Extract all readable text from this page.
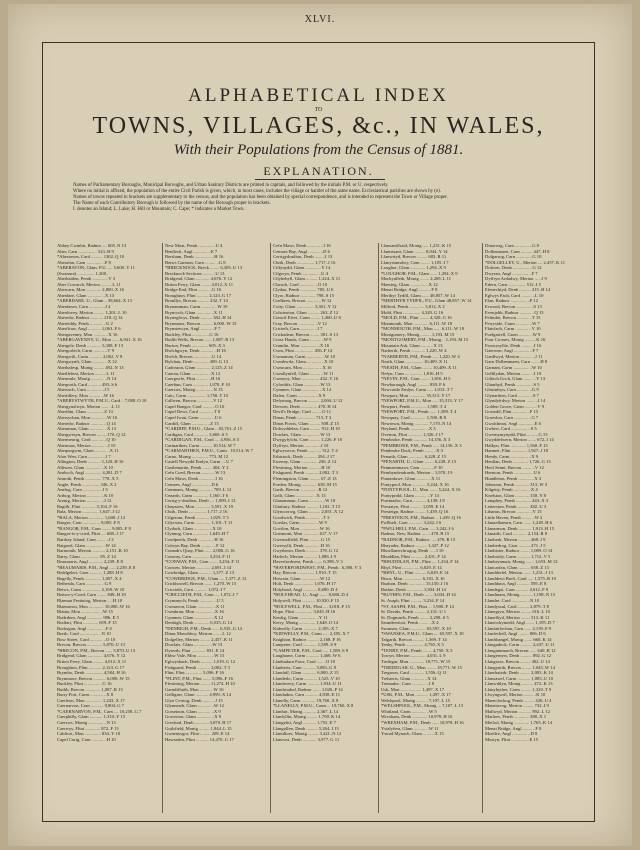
XLVI.
ALPHABETICAL INDEX
TO
TOWNS, VILLAGES, &c., IN WALES,
With their Populations from the Census of 1881.
EXPLANATION.

Names of Parliamentary Boroughs, Municipal Boroughs, and Urban Sanitary Districts are printed in capitals, and followed by the initials P.M. or U. respectively.

Where no initial is affixed, the population of the entire Civil Parish is given, which, in most cases, includes the village or hamlet of the same name. Ecclesiastical parishes are shown by (e).

Names of towns repeated in brackets are supplementary to the census, and the population has been obtained by special correspondence, and is intended to represent the Town or Village proper.

The Name of each Contributory Borough is followed by the name of the Borough proper in brackets.

I. denotes an Island; L. Lake; H. Hill or Mountain; C. Cape; * indicates a Market Town.

Abbey Cwmhir, Radnor .... 605..N 13
Aber, Carn ................ 523..H 9
*Aberaeron, Card .......... 1302..Q 10
Aberafan, Carn ............. ..F 8
*ABERAVON, Glam. P.U. .... 5,600..Y 11
(Swansea) ............... 1,300..
Aberbaiden, Pemb ........... ..V 3
Aber Cowarch, Merion ....... ..L 11
Abercarn, Mon ............. 2,800..X 16
Aberdare, Glam ............ ..X 13
*ABERDARE, U., Glam .. 38,664..X 13
Aberdaron, Carn ........... ..J 4
Aberdovey, Merion ......... 1,201..L 10
Aberedw, Radnor ........... 218..Q 14
Abereiddy, Pemb ........... ..U 2
Aberffraw, Angl ........... 1,063..F 6
Abergavenny, Mon .......... ..X 16
*ABERGAVENNY, U., Mon ...... 6,941..X 16
Abergele, Denb ............ 3,308..F 13
Abergorlech, Carm ......... ..V 9
Abergwili, Carm ........... 2,062..V 8
Abergwynfi, Glam .......... ..X 12
Aberhafesp, Montg ......... 492..N 13
Aberllefeni, Merion ....... ..L 11
Abermule, Montg ........... ..N 14
Aberporth, Card ........... 493..S 6
Abersoch, Carn ............ ..J 5
Abertillery, Mon .......... ..W 16
*ABERYSTWYTH, P.M.U., Card .. 7,088..O 10
Abergynolwyn, Merion ...... ..L 11
Aberthin, Glam ............ ..Z 13
Abersychan, Mon ........... ..W 16
Aberedw, Radnor ........... ..Q 14
Aberaman, Glam ............ ..X 13
Abergwesyn, Brecon ........ 170..Q 12
Abermeurig, Card .......... ..Q 10
Abermaw, Merion ........... ..J 10
Aberpergwm, Glam .......... ..X 11
Afon Wen, Carn ............ ..J 7
Allington, Denb ........... 1,120..H 16
Alltwen, Glam ............. ..X 10
Amlwch, Angl .............. 4,281..D 7
Amroth, Pemb .............. 778..X 5
Angle, Pemb ............... 346..X 2
Anelog, Carn .............. ..J 3
Arthog, Merion ............ ..K 10
Arenig, Merion ............ ..J 12
Bagillt, Flint ............ 3,104..F 16
Bala, Merion .............. 1,647..J 12
*BALA, Merion ............. 1,600..J 12
Bangor, Carn ............... 9,005..F 8
*BANGOR, P.M., Carn ........ 9,005..F 8
Bangor-is-y-coed, Flint .... 688..J 17
Bardsey Island, Carn ....... ..J 3
Bargoed, Glam .............. ..W 14
Barmouth, Merion ........... 2,151..K 10
Barry, Glam ................ 85..Z 14
Beaumaris, Angl ............ 2,239..E 8
*BEAUMARIS, P.M., Angl ..... 2,239..E 8
Beddgelert, Carn ........... 1,288..H 8
Begelly, Pemb .............. 1,007..X 4
Bethesda, Carn ............. ..G 9
Betws, Carm ................ 2,169..W 10
Bettws-y-Coed, Carn ........ 848..H 10
Blaenau Festiniog, Merion .. ..H 10
Blaenavon, Mon ............. 10,000..W 16
Blaina, Mon ................ ..W 15
Bodedern, Angl ............. 986..E 5
Bodfari, Flint ............. 659..F 15
Bodorgan, Angl ............. ..F 6
Borth, Card ................ ..N 10
Bow Street, Card ........... ..O 10
Brecon, Brecon ............. 5,870..U 13
*BRECON, P.M., Brecon ...... 5,870..U 13
Bridgend, Glam ............. 4,676..Y 12
Briton Ferry, Glam ......... 4,012..X 11
Broughton, Flint ........... 2,123..G 17
Brymbo, Denb ............... 4,584..H 16
Brynmawr, Brecon ........... 6,000..W 15
Buckley, Flint ............. ..G 16
Builth, Brecon ............. 1,087..R 13
Burry Port, Carm ........... ..X 8
Caerleon, Mon .............. 1,243..X 17
Caernarvon, Carn ........... 9,804..G 7
*CAERNARVON, P.M., Carn .... 10,258..G 7
Caerphilly, Glam ........... 1,310..Y 15
Caersws, Montg ............. ..N 13
Caerwys, Flint ............. 872..F 15
Caldicot, Mon .............. 834..Y 18
Capel Curig, Carn .......... ..H 10
New Moat, Pemb ............ ..U 4
Benllech, Angl ............ ..E 7
Bersham, Denb .............. ..H 16
Betws Garmon, Carn ......... ..G 8
*BRECKNOCK, Breck ........ 6,305..U 13
Brecknock Sections ........ ..U 13
Bridgend, Glam ............ 4,676..Y 12
Briton Ferry, Glam ........ 4,012..X 11
Bridge End, Flint ......... ..G 16
Broughton, Flint .......... 2,123..G 17
Bronllys, Brecon .......... 232..T 14
Brynamman, Carm ........... ..W 10
Bryncoch, Glam ............ ..X 11
Bryneglwys, Denb .......... 382..H 14
Brynmawr, Brecon .......... 6,000..W 15
Brynsiencyn, Angl ......... ..F 7
Buckley, Flint ............ ..G 16
Builth Wells, Brecon ...... 1,087..R 13
Burton, Pemb .............. 605..X 3
Bwlchgwyn, Denb ........... ..H 16
Bwlch, Brecon ............. ..U 14
Bylchau, Denb ............. 409..G 13
Cadoxton, Glam ............ 2,125..Z 14
Caerau, Glam .............. ..X 12
Caergwrle, Flint .......... ..H 16
Caerhun, Carn ............. 1,070..F 10
Caersws, Montg ............ ..N 13
Caio, Carm ................ 1,750..T 10
Callwen, Brecon ........... ..V 12
Capel Bangor, Card ........ ..O 10
Capel Dewi, Card .......... ..T 8
Capel Iwan, Carm .......... ..U 6
Cardiff, Glam ............. ..Z 15
*CARDIFF, P.M.U., Glam .. 82,761..Z 15
Cardigan, Card ............ 3,669..S 5
*CARDIGAN, P.M., Card .... 4,956..S 5
Carmarthen, Carm .......... 10,514..W 7
*CARMARTHEN, P.M.U., Carm . 10,514..W 7
Carno, Montg .............. 773..M 12
Castell Newydd Emlyn, Carm . ..U 7
Castlemartin, Pemb ........ 404..Y 2
Cefn Coed, Brecon ......... ..W 13
Cefn Mawr, Denb ........... ..I 16
Cemaes, Angl .............. ..D 6
Cemmaes, Montg ............ 709..L 12
Cenarth, Carm ............. 1,160..T 6
Cerrig-y-drudion, Denb .... 1,009..I 13
Chepstow, Mon ............. 3,591..X 19
Chirk, Denb ............... 1,717..J 16
Cilgerran, Pemb ........... 1,029..T 5
Cilycwm, Carm ............. 1,101..T 11
Clydach, Glam ............. ..X 10
Clynnog, Carn ............. 1,649..H 7
Coedpoeth, Denb ........... ..H 16
Colwyn Bay, Denb .......... ..F 12
Connah's Quay, Flint ...... 2,000..G 16
Conway, Carn .............. 3,254..F 11
*CONWAY, P.M., Carn ....... 3,254..F 11
Corwen, Merion ............ 2,691..I 14
Cowbridge, Glam ........... 1,377..Z 13
*COWBRIDGE, P.M., Glam .... 1,377..Z 13
Crickhowell, Brecon ....... 1,270..W 15
Criccieth, Carn ........... 1,072..I 7
*CRICCIETH, P.M., Carn .... 1,072..I 7
Crymmych, Pemb ............ ..U 5
Cwmavon, Glam ............. ..X 11
Cwmbran, Mon .............. ..X 16
Cymmer, Glam .............. ..X 12
Denbigh, Denb ............. 6,535..G 14
*DENBIGH, P.M., Denb ...... 6,535..G 14
Dinas Mawddwy, Merion ..... ..L 12
Dolgelley, Merion ......... 2,457..K 11
Dowlais, Glam ............. ..W 13
Dyserth, Flint ............ 831..E 14
Ebbw Vale, Mon ............ ..W 15
Eglwysbach, Denb .......... 1,019..G 12
Fishguard, Pemb ........... 2,002..T 3
Flint, Flint .............. 5,096..F 16
*FLINT, P.M., Flint ....... 5,096..F 16
Ffestiniog, Merion ........ 11,274..H 10
Garndiffaith, Mon ......... ..W 16
Gelligaer, Glam ........... 4,999..X 14
Glyn Ceiriog, Denb ........ ..J 15
Glynneath, Glam ........... ..W 12
Gorseinon, Glam ........... ..X 9
Gowerton, Glam ............ ..X 9
Gresford, Denb ............ 3,870..H 17
Guilsfield, Montg ......... 1,844..L 15
Gwaenysgor, Flint ......... 209..E 14
Hawarden, Flint ........... 14,470..G 17
Cefn Mawr, Denb ........... ..I 16
Cemaes Bay, Angl .......... ..D 6
Cerrigydrudion, Denb ...... ..I 13
Chirk, Denb ............... 1,717..J 16
Cilfynydd, Glam ........... ..Y 14
Cilgwyn, Pemb ............. ..U 4
Cilybebyll, Glam .......... 1,224..X 11
Clarach, Card ............. ..O 10
Clydau, Pemb .............. 705..U 6
Clyro, Radnor ............. 798..S 15
Coelbren, Brecon .......... ..W 12
Coity, Glam ............... 3,301..Y 12
Colwinston, Glam .......... 263..Z 12
Conwil Elvet, Carm ........ 1,460..U 8
Cray, Brecon .............. ..V 12
Cricieth, Carn ............ ..I 7
Crickadarn, Brecon ........ 301..S 13
Cross Hands, Carm ......... ..W 9
Crumlin, Mon .............. ..X 16
Cwm, Flint ................ 456..F 14
Cwmaman, Carm ............. ..W 10
Cwmbwrla, Glam ............ ..X 10
Cwmcarn, Mon .............. ..X 16
Cwmllynfell, Glam ......... ..W 11
Cwmyoy, Mon ............... 432..V 16
Cyfarthfa, Glam ........... ..W 13
Cymmer, Glam .............. ..X 12
Dafen, Carm ............... ..X 9
Defynnog, Brecon .......... 2,004..U 12
Derwen, Denb .............. 470..H 14
Devil's Bridge, Card ...... ..O 11
Dinas, Pemb ............... 713..T 3
Dinas Powis, Glam ......... 508..Z 15
Dolwyddelan, Carn ......... 912..H 10
Dowlais, Glam ............. ..W 13
Dwygyfylchi, Carn ......... 1,226..F 10
Dyffryn, Merion ........... ..J 10
Eglwyswrw, Pemb ........... 512..T 4
Erbistock, Denb ........... 294..J 17
Ewenny, Glam .............. 236..Z 12
Ffestiniog, Merion ........ ..H 10
Fishguard, Pemb ........... 2,002..T 3
Flemingston, Glam ......... 67..Z 13
Forden, Montg ............. 638..M 15
Garth, Brecon ............. ..R 12
Gelli, Glam ............... ..X 13
Glanamman, Carm ........... ..W 10
Glasbury, Radnor .......... 1,102..T 15
Glyncorrwg, Glam .......... 2,051..X 12
Goodwick, Pemb ............ ..T 3
Gorslas, Carm ............. ..W 9
Govilon, Mon .............. ..W 16
Grosmont, Mon ............. 617..V 17
Gwernaffield, Flint ....... ..G 15
Gwersyllt, Denb ........... ..H 16
Gwytherin, Denb ........... 378..G 12
Harlech, Merion ........... 1,086..I 9
Haverfordwest, Pemb ....... 6,398..V 3
*HAVERFORDWEST, P.M., Pemb . 6,398..V 3
Hay, Brecon ............... 1,910..T 15
Hirwain, Glam ............. ..W 12
Holt, Denb ................ 1,076..H 17
Holyhead, Angl ............ 8,680..D 4
*HOLYHEAD, U., Angl ....... 8,680..D 4
Holywell, Flint ........... 10,920..F 15
*HOLYWELL, P.M., Flint .... 3,018..F 15
Hope, Flint ............... 3,045..H 16
Kenfig, Glam .............. ..Y 11
Kerry, Montg .............. 1,648..O 14
Kidwelly, Carm ............ 2,185..X 7
*KIDWELLY, P.M., Carm ..... 2,185..X 7
Knighton, Radnor .......... 2,168..P 16
Lampeter, Card ............ 1,589..S 9
*LAMPETER, P.M., Card ..... 1,589..S 9
Laugharne, Carm ........... 1,468..W 6
Llanbadarn Fawr, Card ..... ..O 10
Llanberis, Carn ........... 3,083..G 8
Llandaff, Glam ............ 6,000..Z 15
Llandeilo, Carm ........... 1,525..V 10
Llandovery, Carm .......... 1,934..U 11
Llandrindod, Radnor ....... 1,026..P 14
Llandudno, Carn ........... 4,838..E 11
Llanelly, Carm ............ 19,760..X 8
*LLANELLY, P.M.U., Carm ... 19,760..X 8
Llanfair, Montg ........... 2,367..L 14
Llanfyllin, Montg ......... 1,700..K 14
Llangefni, Angl ........... 1,753..E 7
Llangollen, Denb .......... 5,264..I 15
Llanidloes, Montg ......... 3,421..N 12
Llanrwst, Denb ............ 3,977..G 11
Llansantffraid, Montg ..... 1,231..K 15
Llantrisant, Glam ......... 8,044..Y 14
Llanwrtyd, Brecon ......... 683..R 11
Llanystumdwy, Carn ........ 1,105..I 7
Loughor, Glam ............. 1,294..X 9
*LOUGHOR, P.M., Glam ...... 1,294..X 9
Machynlleth, Montg ........ 2,269..L 11
Maesteg, Glam ............. ..X 12
Menai Bridge, Angl ........ ..F 8
Merthyr Tydfil, Glam ...... 48,857..W 14
*MERTHYR TYDFIL, P.U., Glam 48,857..W 14
Milford, Pemb ............. 3,812..X 2
Mold, Flint ............... 4,320..G 16
*MOLD, P.M., Flint ........ 4,320..G 16
Monmouth, Mon ............. 6,111..W 18
*MONMOUTH, P.M., Mon ...... 6,111..W 18
Montgomery, Montg ......... 1,193..M 15
*MONTGOMERY, P.M., Montg .. 1,193..M 15
Mountain Ash, Glam ........ ..X 13
Narberth, Pemb ............ 1,220..W 4
*NARBERTH, P.M., Pemb ..... 1,220..W 4
Neath, Glam ............... 10,409..X 11
*NEATH, P.M., Glam ........ 10,409..X 11
Nefyn, Carn ............... 1,816..H 5
*NEVIN, P.M., Carn ........ 1,816..H 5
Newborough, Angl .......... 839..F 6
Newcastle Emlyn, Carm ..... 1,013..T 7
Newport, Mon .............. 35,313..Y 17
*NEWPORT, P.M.U., Mon ..... 35,313..Y 17
Newport, Pemb ............. 1,589..T 4
*NEWPORT, P.M., Pemb ...... 1,589..T 4
Newquay, Card ............. 1,500..R 8
Newtown, Montg ............ 7,170..N 14
Neyland, Pemb ............. ..X 3
Overton, Flint ............ 1,326..J 17
Pembroke, Pemb ............ 14,156..X 3
*PEMBROKE, P.M., Pemb ..... 14,156..X 3
Pembroke Dock, Pemb ....... ..X 3
Penarth, Glam ............. 6,228..Z 15
*PENARTH, U., Glam ........ 6,228..Z 15
Penmaenmawr, Carn ......... ..F 10
Penrhyndeudraeth, Merion .. 1,970..I 9
Pontardawe, Glam .......... ..X 11
Pontypool, Mon ............ 5,244..X 16
*PONTYPOOL, U., Mon ....... 5,244..X 16
Pontypridd, Glam .......... ..Y 14
Portmadoc, Carn ........... 4,138..I 8
Prestatyn, Flint .......... 1,059..E 14
Presteign, Radnor ......... 1,439..Q 16
*PRESTEIGN, P.M., Radnor .. 1,439..Q 16
Pwllheli, Carn ............ 3,242..I 6
*PWLLHELI, P.M., Carn ..... 3,242..I 6
Radnor, New, Radnor ....... 478..R 15
*RADNOR, P.M., Radnor ..... 478..R 15
Rhayader, Radnor .......... 1,437..P 12
Rhosllanerchrugog, Denb ... ..I 16
Rhuddlan, Flint ........... 2,431..F 14
*RHUDDLAN, P.M., Flint .... 1,434..F 14
Rhyl, Flint ............... 6,029..E 14
*RHYL, U., Flint .......... 6,029..E 14
Risca, Mon ................ 6,101..X 16
Ruabon, Denb .............. 15,150..I 16
Ruthin, Denb .............. 3,034..H 14
*RUTHIN, P.M., Denb ....... 3,034..H 14
St. Asaph, Flint .......... 3,234..F 14
*ST. ASAPH, P.M., Flint ... 1,900..F 14
St. Davids, Pemb .......... 2,131..U 1
St. Dogmaels, Pemb ........ 2,298..S 5
Saundersfoot, Pemb ........ ..X 4
Swansea, Glam ............. 65,597..X 10
*SWANSEA, P.M.U., Glam .... 65,597..X 10
Talgarth, Brecon .......... 1,369..T 14
Tenby, Pemb ............... 4,750..X 5
*TENBY, P.M., Pemb ........ 4,750..X 5
Towyn, Merion ............. 4,031..L 9
Tredegar, Mon ............. 18,771..W 15
*TREDEGAR, U., Mon ........ 18,771..W 15
Tregaron, Card ............ 1,556..Q 11
Treharris, Glam ........... ..X 14
Tremadoc, Carn ............ ..I 8
Usk, Mon .................. 1,497..X 17
*USK, P.M., Mon ........... 1,497..X 17
Welshpool, Montg .......... 7,107..L 15
*WELSHPOOL, P.M., Montg ... 7,107..L 15
Whitland, Carm ............ ..W 5
Wrexham, Denb ............. 10,978..H 16
*WREXHAM, P.M., Denb ...... 10,978..H 16
Ystalyfera, Glam .......... ..W 11
Ystrad Mynach, Glam ....... ..X 15
Dinorwig, Carn ............ ..G 8
Dolbenmaen, Carn .......... 447..H 8
Dolgarrog, Carn ........... ..G 10
*DOLGELLEY, U., Merion .... 2,457..K 11
Dolwen, Denb .............. ..G 12
Dwyran, Angl .............. ..F 7
Dyffryn Ardudwy, Merion ... ..J 9
Edern, Carn ............... 512..I 5
Efenechtyd, Denb .......... 215..H 14
Eglwys Fach, Card ......... ..L 10
Elan, Radnor .............. ..P 12
Erwood, Brecon ............ ..S 13
Evenjobb, Radnor .......... ..Q 15
Felindre, Brecon .......... ..T 15
Ferryside, Carm ........... ..W 7
Ffairfach, Carm ........... ..V 10
Foelgastell, Carm ......... ..W 9
Four Crosses, Montg ....... ..K 16
Froncysyllte, Denb ........ ..I 16
Gaerwen, Angl ............. ..F 7
Ganllwyd, Merion .......... ..J 11
Garn Dolbenmaen, Carn ..... ..H 8
Garnant, Carm ............. ..W 10
Gellilydan, Merion ........ ..I 10
Gilfach Goch, Glam ........ ..Y 13
Glanrhyd, Pemb ............ ..S 5
Glasinfryn, Carn .......... ..G 9
Glynarthen, Card .......... ..S 7
Glyndyfrdwy, Merion ....... ..I 14
Golden Grove, Carm ........ ..V 9
Gorsedd, Flint ............ ..F 15
Groeslon, Carn ............ ..G 7
Gwalchmai, Angl ........... ..E 6
Gwbert, Card .............. ..S 5
Gwernymynydd, Flint ....... ..G 15
Gwyddelwern, Merion ....... 672..I 14
Halkyn, Flint ............. 1,560..F 15
Hanmer, Flint ............. 1,927..J 18
Hendy, Carm ............... ..X 9
Henllan, Denb ............. 1,726..G 13
Heol Senni, Brecon ........ ..V 12
Hermon, Pemb .............. ..U 6
Hundleton, Pemb ........... ..X 3
Johnston, Pemb ............ 313..W 3
Kilgetty, Pemb ............ ..X 4
Knelston, Glam ............ 150..Y 8
Lamphey, Pemb ............. 443..X 3
Letterston, Pemb .......... 482..U 3
Libanus, Brecon ........... ..V 13
Little Haven, Pemb ........ ..W 2
Llanaelhaearn, Carn ....... 1,249..H 6
Llanarmon, Denb ........... 1,913..H 15
Llanarth, Card ............ 2,154..R 8
Llanbedr, Merion .......... 468..J 9
Llanbedrog, Carn .......... 471..J 5
Llanbister, Radnor ........ 1,089..O 14
Llanboidy, Carm ........... 1,712..V 5
Llanbrynmair, Montg ....... 1,653..M 12
Llancarfan, Glam .......... 658..Z 13
Llandderfel, Merion ....... 1,231..J 13
Llanddewi Brefi, Card ..... 1,575..R 10
Llanddona, Angl ........... 595..E 8
Llandegai, Carn ........... 4,612..F 9
Llandinam, Montg .......... 1,198..N 13
Llandre, Card ............. ..N 10
Llandyssul, Card .......... 2,879..T 8
Llanegryn, Merion ......... 616..L 10
Llanelltyd, Merion ........ 513..K 11
Llanerchymedd, Angl ....... 1,195..D 7
Llanfairfechan, Carn ...... 2,139..F 9
Llanfechell, Angl ......... 806..D 6
Llanfihangel, Montg ....... 660..K 14
Llangadock, Carm .......... 2,437..U 11
Llangammarch, Brecon ...... 640..R 12
Llangernyw, Denb .......... 892..G 12
Llangorse, Brecon ......... 402..U 14
Llangynidr, Brecon ........ 1,043..W 14
Llanrhaiadr, Denb ......... 2,003..K 14
Llansawel, Carm ........... 1,085..U 10
Llanwddyn, Montg .......... 472..K 13
Llanybyther, Carm ......... 1,329..T 9
Llwyngwril, Merion ........ ..K 10
Maenclochog, Pemb ......... 426..U 4
Maentwrog, Merion ......... 732..I 9
Mallwyd, Merion ........... 892..L 12
Marloes, Pemb ............. 388..X 1
Meifod, Montg ............. 1,765..K 14
Menai Bridge, Angl ........ ..F 8
Moelfre, Angl ............. ..D 8
Mostyn, Flint ............. ..E 15
